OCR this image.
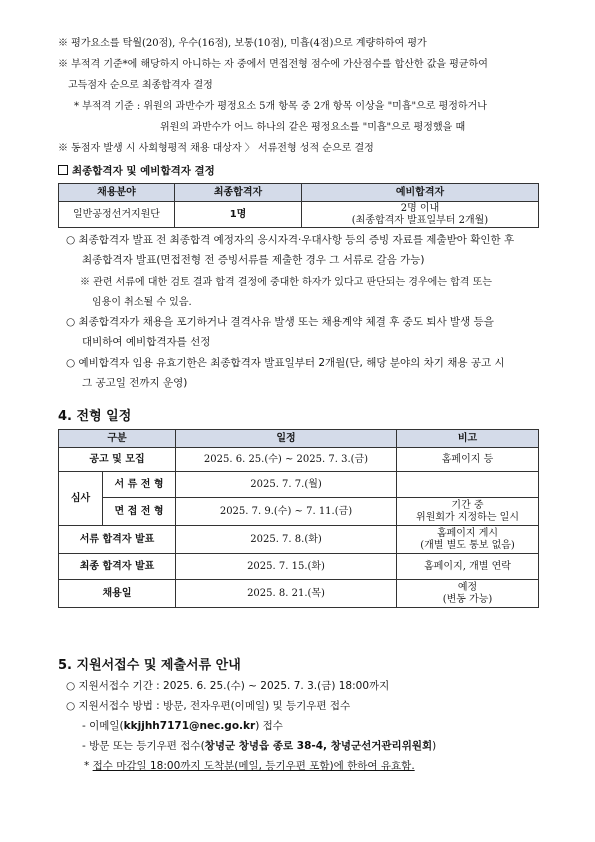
※ 평가요소를 탁월(20점), 우수(16점), 보통(10점), 미흡(4점)으로 계량하하여 평가
※ 부적격 기준*에 해당하지 아니하는 자 중에서 면접전형 점수에 가산점수를 합산한 값을 평균하여
고득점자 순으로 최종합격자 결정
* 부적격 기준 : 위원의 과반수가 평정요소 5개 항목 중 2개 항목 이상을 "미흡"으로 평정하거나
위원의 과반수가 어느 하나의 같은 평정요소를 "미흡"으로 평정했을 때
※ 동점자 발생 시 사회형평적 채용 대상자 〉 서류전형 성적 순으로 결정
최종합격자 및 예비합격자 결정
채용분야	최종합격자	예비합격자
일반공정선거지원단	1명	2명 이내
(최종합격자 발표일부터 2개월)
○ 최종합격자 발표 전 최종합격 예정자의 응시자격·우대사항 등의 증빙 자료를 제출받아 확인한 후
최종합격자 발표(면접전형 전 증빙서류를 제출한 경우 그 서류로 갈음 가능)
※ 관련 서류에 대한 검토 결과 합격 결정에 중대한 하자가 있다고 판단되는 경우에는 합격 또는
임용이 취소될 수 있음.
○ 최종합격자가 채용을 포기하거나 결격사유 발생 또는 채용계약 체결 후 중도 퇴사 발생 등을
대비하여 예비합격자를 선정
○ 예비합격자 임용 유효기한은 최종합격자 발표일부터 2개월(단, 해당 분야의 차기 채용 공고 시
그 공고일 전까지 운영)
4. 전형 일정
구분		일정	비고
공고 및 모집		2025. 6. 25.(수) ~ 2025. 7. 3.(금)	홈페이지 등
심사	서 류 전 형	2025. 7. 7.(월)	
	면 접 전 형	2025. 7. 9.(수) ~ 7. 11.(금)	기간 중
위원회가 지정하는 일시

서류 합격자 발표		2025. 7. 8.(화)	홈페이지 게시
(개별 별도 통보 없음)

최종 합격자 발표		2025. 7. 15.(화)	홈페이지, 개별 연락
채용일		2025. 8. 21.(목)	예정
(변동 가능)
5. 지원서접수 및 제출서류 안내
○ 지원서접수 기간 : 2025. 6. 25.(수) ~ 2025. 7. 3.(금) 18:00까지
○ 지원서접수 방법 : 방문, 전자우편(이메일) 및 등기우편 접수
- 이메일(kkjjhh7171@nec.go.kr) 접수
- 방문 또는 등기우편 접수(창녕군 창녕읍 종로 38-4, 창녕군선거관리위원회)
* 접수 마감일 18:00까지 도착분(메일, 등기우편 포함)에 한하여 유효함.
